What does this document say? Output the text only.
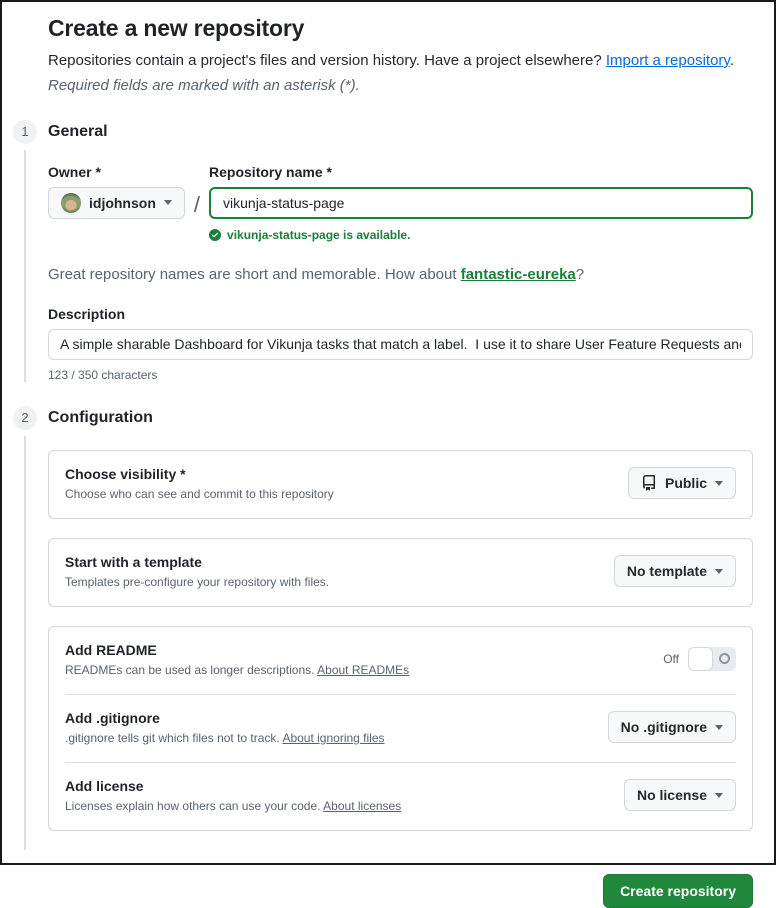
Create a new repository

Repositories contain a project's files and version history. Have a project elsewhere? Import a repository.

Required fields are marked with an asterisk (*).

1	General
Owner *
idjohnson /
Repository name *
vikunja-status-page
vikunja-status-page is available.

Great repository names are short and memorable. How about fantastic-eureka?

Description
A simple sharable Dashboard for Vikunja tasks that match a label. I use it to share User Feature Requests and
123 / 350 characters
2	Configuration
Choose visibility *
Choose who can see and commit to this repository
Public
Start with a template
Templates pre-configure your repository with files.
No template
Add README
READMEs can be used as longer descriptions. About READMEs
Off
Add .gitignore
.gitignore tells git which files not to track. About ignoring files
No .gitignore
Add license
Licenses explain how others can use your code. About licenses
No license
Create repository
